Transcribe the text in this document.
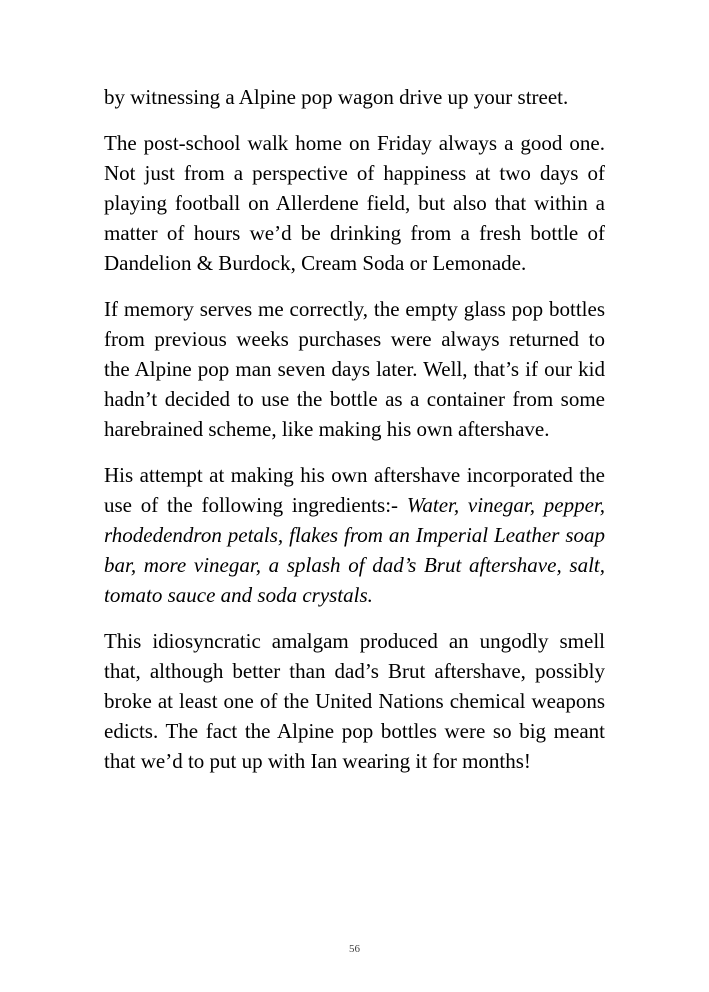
by witnessing a Alpine pop wagon drive up your street.

The post-school walk home on Friday always a good one. Not just from a perspective of happiness at two days of playing football on Allerdene field, but also that within a matter of hours we’d be drinking from a fresh bottle of Dandelion & Burdock, Cream Soda or Lemonade.

If memory serves me correctly, the empty glass pop bottles from previous weeks purchases were always returned to the Alpine pop man seven days later. Well, that’s if our kid hadn’t decided to use the bottle as a container from some harebrained scheme, like making his own aftershave.

His attempt at making his own aftershave incorporated the use of the following ingredients:- Water, vinegar, pepper, rhodedendron petals, flakes from an Imperial Leather soap bar, more vinegar, a splash of dad’s Brut aftershave, salt, tomato sauce and soda crystals.

This idiosyncratic amalgam produced an ungodly smell that, although better than dad’s Brut aftershave, possibly broke at least one of the United Nations chemical weapons edicts. The fact the Alpine pop bottles were so big meant that we’d to put up with Ian wearing it for months!

56
